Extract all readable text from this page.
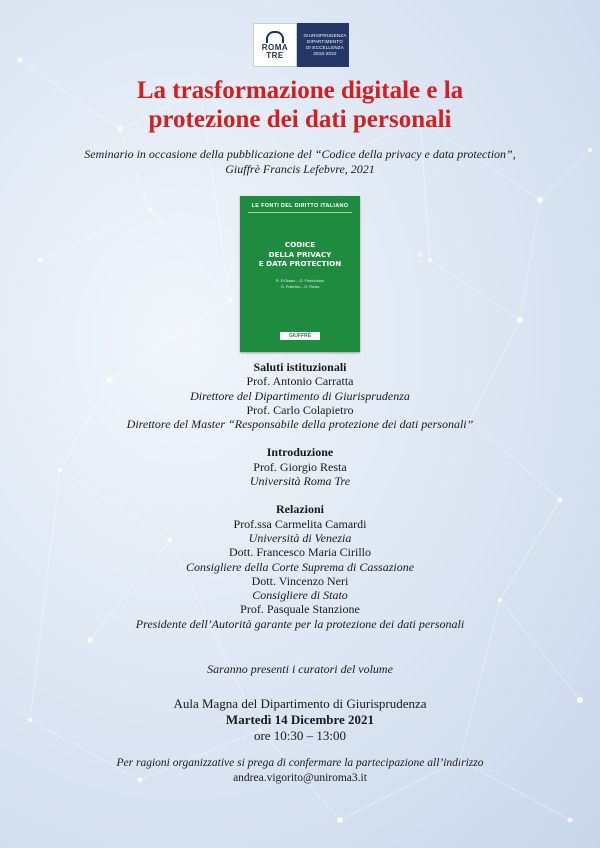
ROMA
TRE
GIURISPRUDENZA
DIPARTIMENTO
DI ECCELLENZA
2018-2022
La trasformazione digitale e la
protezione dei dati personali
Seminario in occasione della pubblicazione del “Codice della privacy e data protection”,
Giuffrè Francis Lefebvre, 2021
LE FONTI DEL DIRITTO ITALIANO
CODICE
DELLA PRIVACY
E DATA PROTECTION
R. D'Orazio – G. Finocchiaro
O. Pollicino – G. Resta
GIUFFRÈ
Saluti istituzionali
Prof. Antonio Carratta
Direttore del Dipartimento di Giurisprudenza
Prof. Carlo Colapietro
Direttore del Master “Responsabile della protezione dei dati personali”
Introduzione
Prof. Giorgio Resta
Università Roma Tre
Relazioni
Prof.ssa Carmelita Camardi
Università di Venezia
Dott. Francesco Maria Cirillo
Consigliere della Corte Suprema di Cassazione
Dott. Vincenzo Neri
Consigliere di Stato
Prof. Pasquale Stanzione
Presidente dell’Autorità garante per la protezione dei dati personali
Saranno presenti i curatori del volume
Aula Magna del Dipartimento di Giurisprudenza
Martedì 14 Dicembre 2021
ore 10:30 – 13:00
Per ragioni organizzative si prega di confermare la partecipazione all’indirizzo
andrea.vigorito@uniroma3.it
